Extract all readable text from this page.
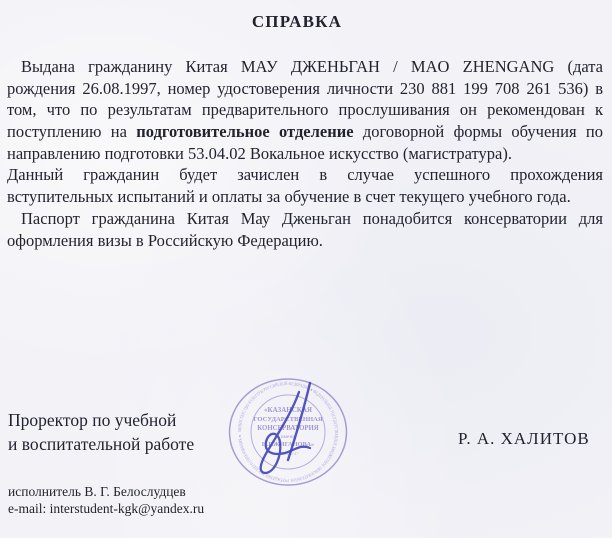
СПРАВКА
Выдана гражданину Китая МАУ ДЖЕНЬГАН / MAO ZHENGANG (дата
рождения 26.08.1997, номер удостоверения личности 230 881 199 708 261 536) в
том, что по результатам предварительного прослушивания он рекомендован к
поступлению на подготовительное отделение договорной формы обучения по
направлению подготовки 53.04.02 Вокальное искусство (магистратура).
Данный гражданин будет зачислен в случае успешного прохождения
вступительных испытаний и оплаты за обучение в счет текущего учебного года.
Паспорт гражданина Китая Мау Дженьган понадобится консерватории для
оформления визы в Российскую Федерацию.
Проректор по учебной
и воспитательной работе	Р. А. ХАЛИТОВ
исполнитель В. Г. Белослудцев
e-mail: interstudent-kgk@yandex.ru
МИНИСТЕРСТВО КУЛЬТУРЫ РОССИЙСКОЙ ФЕДЕРАЦИИ ● ФЕДЕРАЛЬНОЕ ГОСУДАРСТВЕННОЕ БЮДЖЕТНОЕ ОБРАЗОВАТЕЛЬНОЕ УЧРЕЖДЕНИЕ ВЫСШЕГО ОБРАЗОВАНИЯ ●
«КАЗАНСКАЯ
ГОСУДАРСТВЕННАЯ
КОНСЕРВАТОРИЯ
имени
Н.Г.ЖИГАНОВА»
1655826-47
